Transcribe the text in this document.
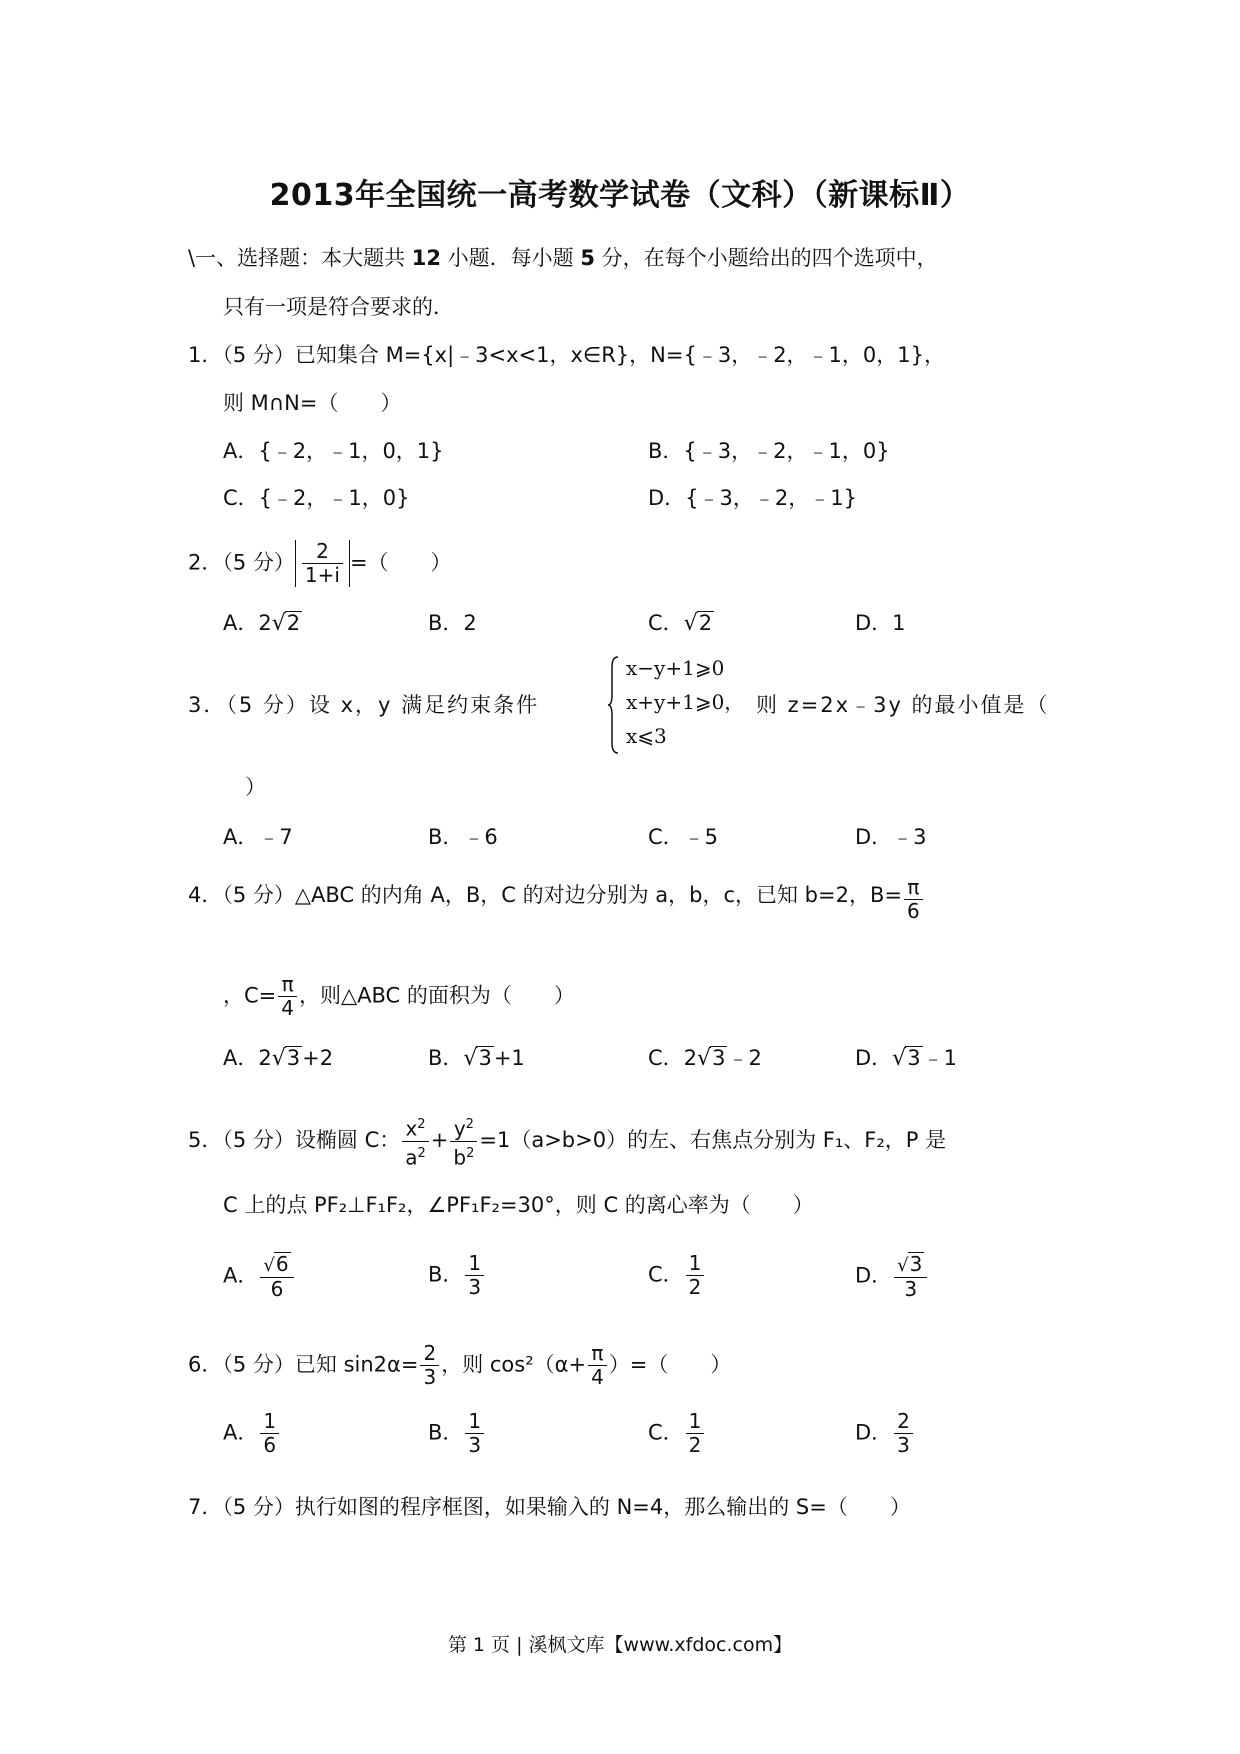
2013年全国统一高考数学试卷（文科）（新课标Ⅱ）
\一、选择题：本大题共 12 小题．每小题 5 分，在每个小题给出的四个选项中，
只有一项是符合要求的．
1．（5 分）已知集合 M={x|﹣3<x<1，x∈R}，N={﹣3，﹣2，﹣1，0，1}，
则 M∩N=（　　）
A．{﹣2，﹣1，0，1}	B．{﹣3，﹣2，﹣1，0}
C．{﹣2，﹣1，0}	D．{﹣3，﹣2，﹣1}
2．（5 分） $\frac{2}{1+i}$ =（　　）
A．2√2	B．2	C．√2	D．1
3．（5 分）设 x，y 满足约束条件
x−y+1⩾0
x+y+1⩾0，
x⩽3
则 z=2x﹣3y 的最小值是（
）
A．﹣7	B．﹣6	C．﹣5	D．﹣3
4．（5 分）△ABC 的内角 A，B，C 的对边分别为 a，b，c，已知 b=2，$B= \frac{\pi}{6}$
，$C= \frac{\pi}{4}$ ，则△ABC 的面积为（　　）
A．2√3+2	B．√3+1	C．2√3﹣2	D．√3﹣1
5．（5 分）设椭圆 C： $\frac{x^2}{a^2} + \frac{y^2}{b^2} =1(a>b>0)$的左、右焦点分别为 F₁、F₂，P 是
C 上的点 PF₂⊥F₁F₂，∠PF₁F₂=30°，则 C 的离心率为（　　）
A． $\frac{√6}{6}$	B． $\frac{1}{3}$	C． $\frac{1}{2}$	D． $\frac{√3}{3}$
6．（5 分）已知 $\sin 2\alpha= \frac{2}{3}$ ，则 $\cos^2(\alpha+ \frac{\pi}{4}$ ）=（　　）
A． $\frac{1}{6}$	B． $\frac{1}{3}$	C． $\frac{1}{2}$	D． $\frac{2}{3}$
7．（5 分）执行如图的程序框图，如果输入的 N=4，那么输出的 S=（　　）
第 1 页 | 溪枫文库【www.xfdoc.com】
